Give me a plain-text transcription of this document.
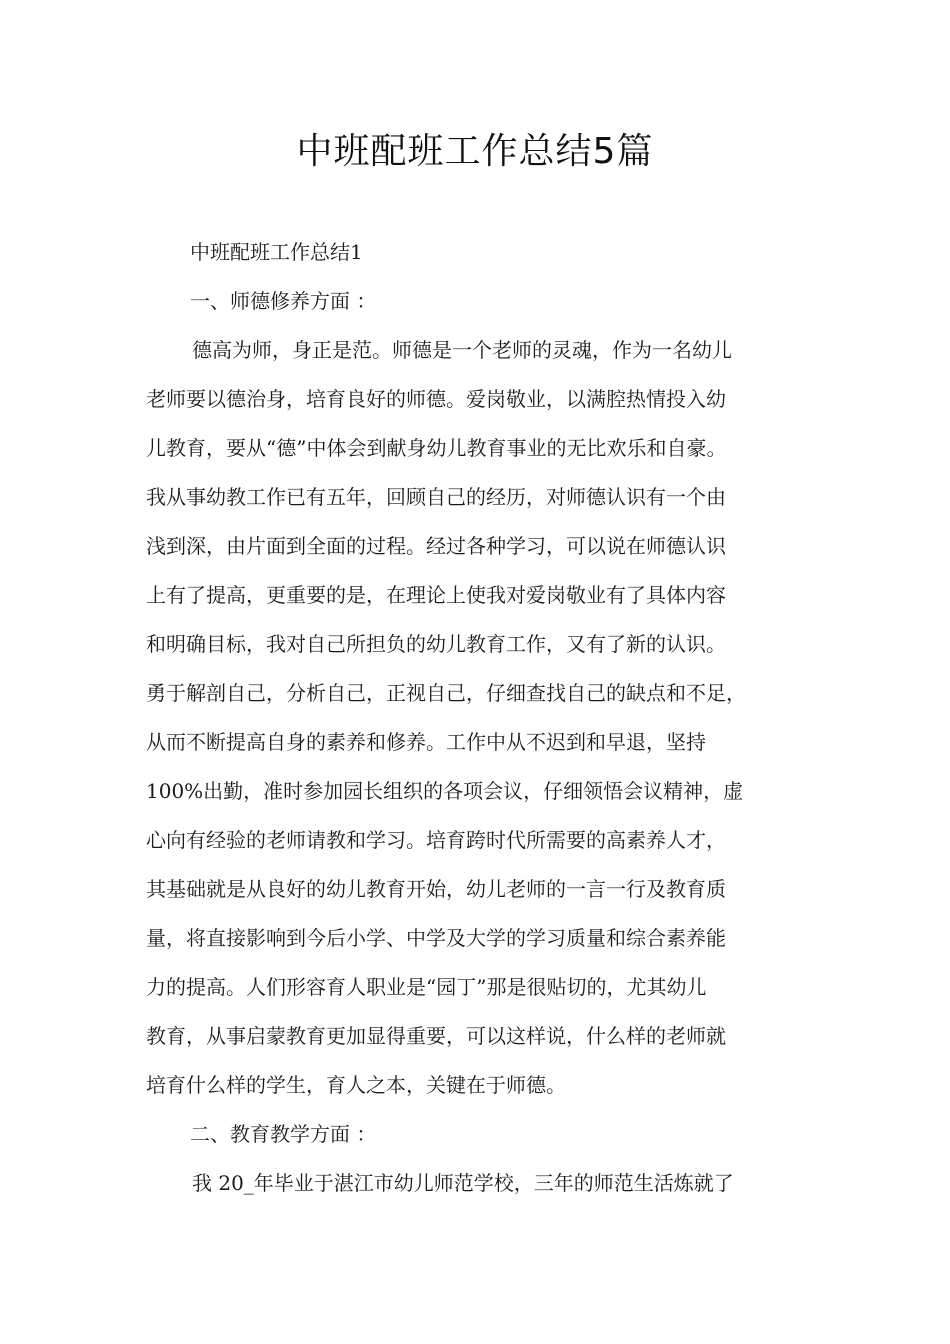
中班配班工作总结5篇
中班配班工作总结1
一、师德修养方面 ：
德高为师，身正是范。师德是一个老师的灵魂，作为一名幼儿
老师要以德治身，培育良好的师德。爱岗敬业，以满腔热情投入幼
儿教育，要从“德”中体会到献身幼儿教育事业的无比欢乐和自豪。
我从事幼教工作已有五年，回顾自己的经历，对师德认识有一个由
浅到深，由片面到全面的过程。经过各种学习，可以说在师德认识
上有了提高，更重要的是，在理论上使我对爱岗敬业有了具体内容
和明确目标，我对自己所担负的幼儿教育工作，又有了新的认识。
勇于解剖自己，分析自己，正视自己，仔细查找自己的缺点和不足，
从而不断提高自身的素养和修养。工作中从不迟到和早退，坚持
100%出勤，准时参加园长组织的各项会议，仔细领悟会议精神，虚
心向有经验的老师请教和学习。培育跨时代所需要的高素养人才，
其基础就是从良好的幼儿教育开始，幼儿老师的一言一行及教育质
量，将直接影响到今后小学、中学及大学的学习质量和综合素养能
力的提高。人们形容育人职业是“园丁”那是很贴切的，尤其幼儿
教育，从事启蒙教育更加显得重要，可以这样说，什么样的老师就
培育什么样的学生，育人之本，关键在于师德。
二、教育教学方面 ：
我 20_年毕业于湛江市幼儿师范学校，三年的师范生活炼就了
